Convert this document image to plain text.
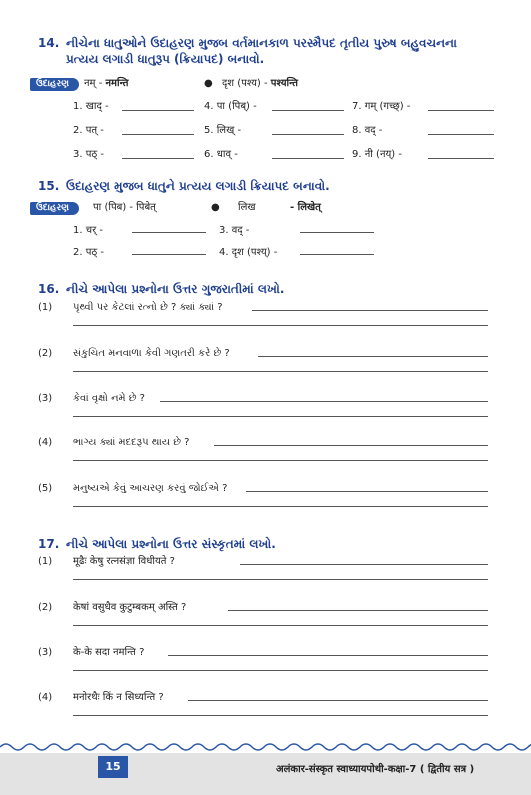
14. નીચેના ધાતુઓને ઉદાહરણ મુજબ વર્તમાનકાળ પરસ્મૈપદ તૃતીય પુરુષ બહુવચનના
પ્રત્યય લગાડી ધાતુરૂપ (ક્રિયાપદ) બનાવો.
ઉદાહરણ	नम् - नमन्ति	● दृश (पश्य) - पश्यन्ति
1. खाद् -	4. पा (पिब्) -	7. गम् (गच्छ्) -
2. पत् -	5. लिख् -	8. वद् -
3. पठ् -	6. धाव् -	9. नी (नय्) -
15. ઉદાહરણ મુજબ ધાતુને પ્રત્યય લગાડી ક્રિયાપદ બનાવો.
ઉદાહરણ	पा (पिब) - पिबेत्	● लिख	- लिखेत्
1. चर् -	3. वद् -
2. पठ् -	4. दृश (पश्य्) -
16. નીચે આપેલા પ્રશ્નોના ઉત્તર ગુજરાતીમાં લખો.
(1) પૃથ્વી પર કેટલાં રત્નો છે ? ક્યાં ક્યાં ?
(2) સંકુચિત મનવાળા કેવી ગણતરી કરે છે ?
(3) કેવાં વૃક્ષો નમે છે ?
(4) ભાગ્ય ક્યાં મદદરૂપ થાય છે ?
(5) મનુષ્યએ કેવું આચરણ કરવું જોઈએ ?
17. નીચે આપેલા પ્રશ્નોના ઉત્તર સંસ્કૃતમાં લખો.
(1) मूढैः केषु रत्नसंज्ञा विधीयते ?
(2) केषां वसुधैव कुटुम्बकम् अस्ति ?
(3) के-के सदा नमन्ति ?
(4) मनोरथैः किं न सिध्यन्ति ?
15	अलंकार-संस्कृत स्वाध्यायपोथी-कक्षा-7 ( द्वितीय सत्र )
